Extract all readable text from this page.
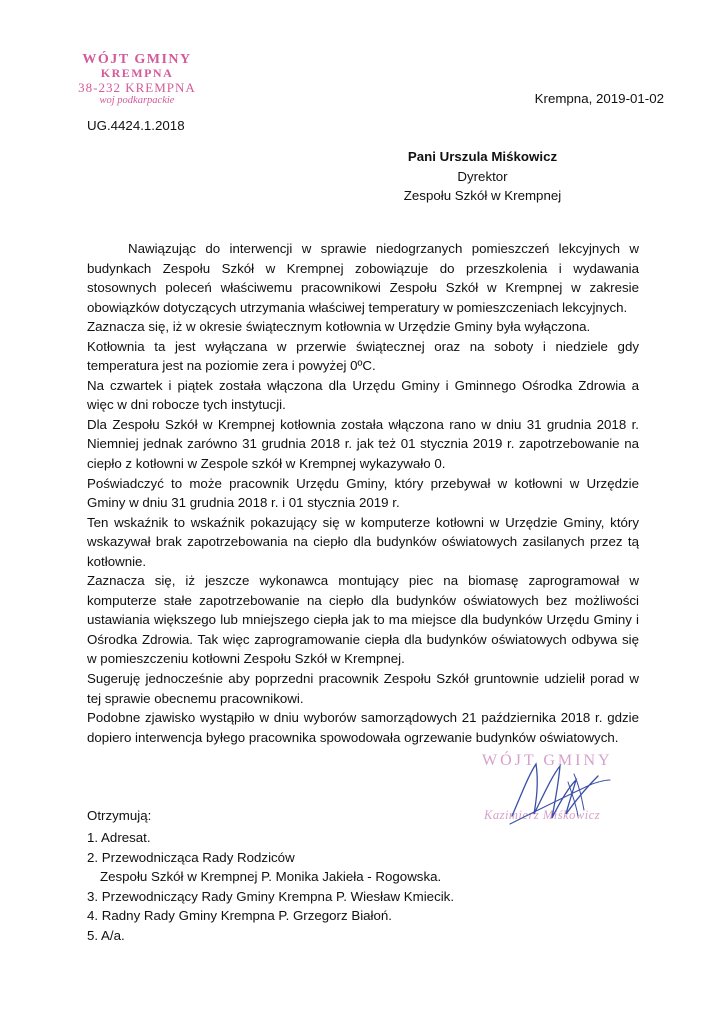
WÓJT GMINY
KREMPNA
38-232 KREMPNA
woj podkarpackie
UG.4424.1.2018
Krempna, 2019-01-02
Pani Urszula Miśkowicz
Dyrektor
Zespołu Szkół w Krempnej

Nawiązując do interwencji w sprawie niedogrzanych pomieszczeń lekcyjnych w budynkach Zespołu Szkół w Krempnej zobowiązuje do przeszkolenia i wydawania stosownych poleceń właściwemu pracownikowi Zespołu Szkół w Krempnej w zakresie obowiązków dotyczących utrzymania właściwej temperatury w pomieszczeniach lekcyjnych.

Zaznacza się, iż w okresie świątecznym kotłownia w Urzędzie Gminy była wyłączona.

Kotłownia ta jest wyłączana w przerwie świątecznej oraz na soboty i niedziele gdy temperatura jest na poziomie zera i powyżej 0ºC.

Na czwartek i piątek została włączona dla Urzędu Gminy i Gminnego Ośrodka Zdrowia a więc w dni robocze tych instytucji.

Dla Zespołu Szkół w Krempnej kotłownia została włączona rano w dniu 31 grudnia 2018 r. Niemniej jednak zarówno 31 grudnia 2018 r. jak też 01 stycznia 2019 r. zapotrzebowanie na ciepło z kotłowni w Zespole szkół w Krempnej wykazywało 0.

Poświadczyć to może pracownik Urzędu Gminy, który przebywał w kotłowni w Urzędzie Gminy w dniu 31 grudnia 2018 r. i 01 stycznia 2019 r.

Ten wskaźnik to wskaźnik pokazujący się w komputerze kotłowni w Urzędzie Gminy, który wskazywał brak zapotrzebowania na ciepło dla budynków oświatowych zasilanych przez tą kotłownie.

Zaznacza się, iż jeszcze wykonawca montujący piec na biomasę zaprogramował w komputerze stałe zapotrzebowanie na ciepło dla budynków oświatowych bez możliwości ustawiania większego lub mniejszego ciepła jak to ma miejsce dla budynków Urzędu Gminy i Ośrodka Zdrowia. Tak więc zaprogramowanie ciepła dla budynków oświatowych odbywa się w pomieszczeniu kotłowni Zespołu Szkół w Krempnej.

Sugeruję jednocześnie aby poprzedni pracownik Zespołu Szkół gruntownie udzielił porad w tej sprawie obecnemu pracownikowi.

Podobne zjawisko wystąpiło w dniu wyborów samorządowych 21 października 2018 r. gdzie dopiero interwencja byłego pracownika spowodowała ogrzewanie budynków oświatowych.

WÓJT GMINY
Kazimierz Miśkowicz
Otrzymują:
1. Adresat.
2. Przewodnicząca Rady Rodziców
Zespołu Szkół w Krempnej P. Monika Jakieła - Rogowska.
3. Przewodniczący Rady Gminy Krempna P. Wiesław Kmiecik.
4. Radny Rady Gminy Krempna P. Grzegorz Białoń.
5. A/a.
